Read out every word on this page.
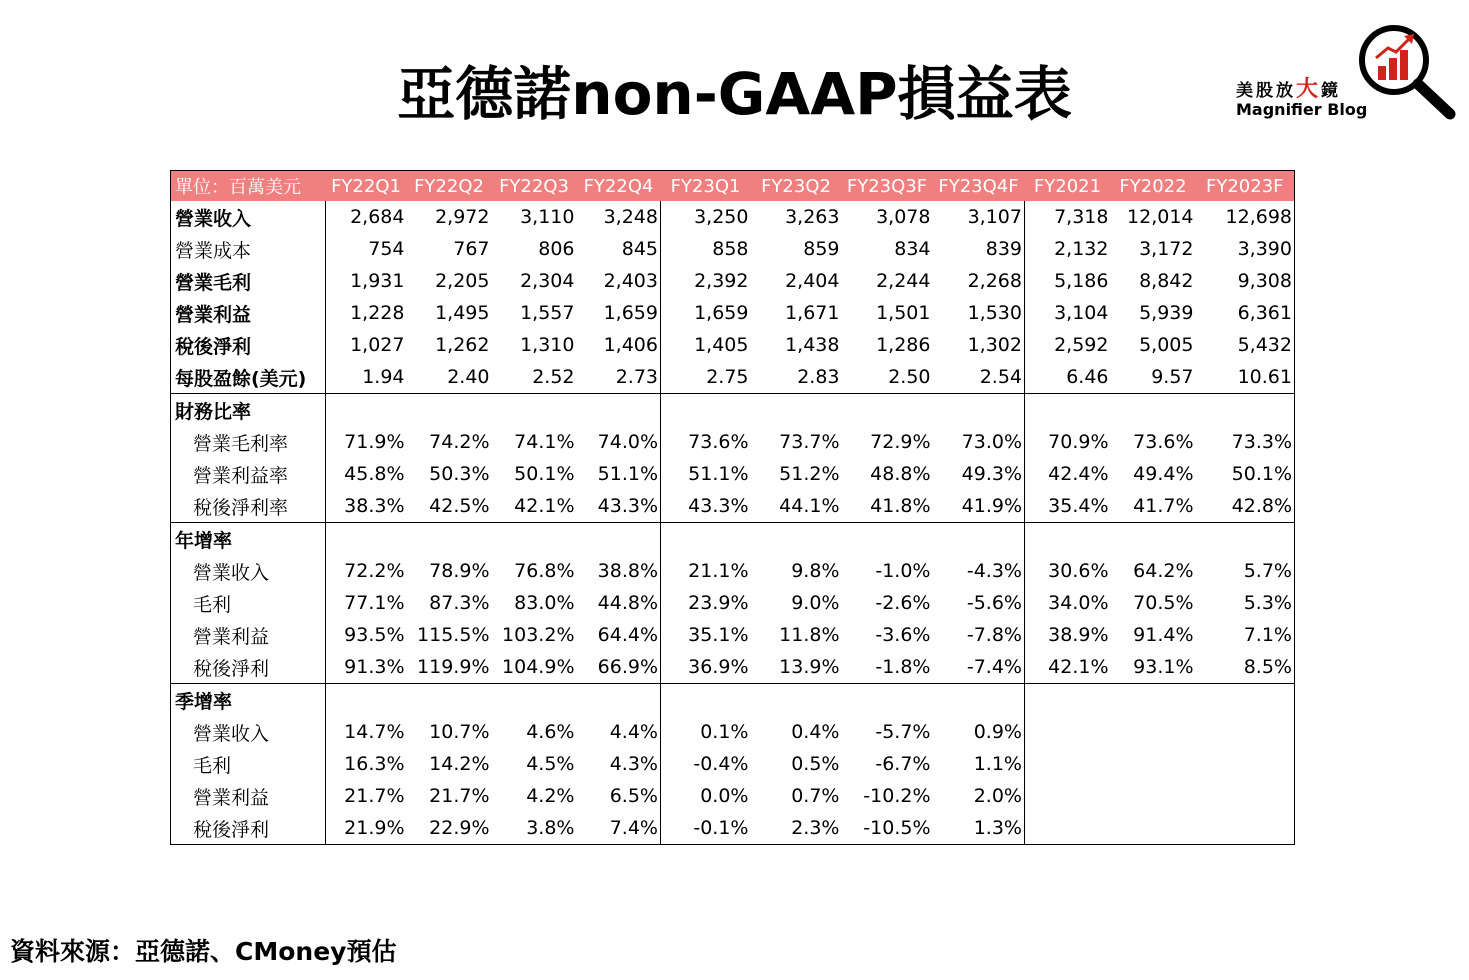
亞德諾non-GAAP損益表	美股放大鏡
Magnifier Blog
單位：百萬美元	FY22Q1	FY22Q2	FY22Q3	FY22Q4	FY23Q1	FY23Q2	FY23Q3F	FY23Q4F	FY2021	FY2022	FY2023F
營業收入	2,684	2,972	3,110	3,248	3,250	3,263	3,078	3,107	7,318	12,014	12,698
營業成本	754	767	806	845	858	859	834	839	2,132	3,172	3,390
營業毛利	1,931	2,205	2,304	2,403	2,392	2,404	2,244	2,268	5,186	8,842	9,308
營業利益	1,228	1,495	1,557	1,659	1,659	1,671	1,501	1,530	3,104	5,939	6,361
稅後淨利	1,027	1,262	1,310	1,406	1,405	1,438	1,286	1,302	2,592	5,005	5,432
每股盈餘(美元)	1.94	2.40	2.52	2.73	2.75	2.83	2.50	2.54	6.46	9.57	10.61
財務比率											
營業毛利率	71.9%	74.2%	74.1%	74.0%	73.6%	73.7%	72.9%	73.0%	70.9%	73.6%	73.3%
營業利益率	45.8%	50.3%	50.1%	51.1%	51.1%	51.2%	48.8%	49.3%	42.4%	49.4%	50.1%
稅後淨利率	38.3%	42.5%	42.1%	43.3%	43.3%	44.1%	41.8%	41.9%	35.4%	41.7%	42.8%
年增率											
營業收入	72.2%	78.9%	76.8%	38.8%	21.1%	9.8%	-1.0%	-4.3%	30.6%	64.2%	5.7%
毛利	77.1%	87.3%	83.0%	44.8%	23.9%	9.0%	-2.6%	-5.6%	34.0%	70.5%	5.3%
營業利益	93.5%	115.5%	103.2%	64.4%	35.1%	11.8%	-3.6%	-7.8%	38.9%	91.4%	7.1%
稅後淨利	91.3%	119.9%	104.9%	66.9%	36.9%	13.9%	-1.8%	-7.4%	42.1%	93.1%	8.5%
季增率											
營業收入	14.7%	10.7%	4.6%	4.4%	0.1%	0.4%	-5.7%	0.9%			
毛利	16.3%	14.2%	4.5%	4.3%	-0.4%	0.5%	-6.7%	1.1%			
營業利益	21.7%	21.7%	4.2%	6.5%	0.0%	0.7%	-10.2%	2.0%			
稅後淨利	21.9%	22.9%	3.8%	7.4%	-0.1%	2.3%	-10.5%	1.3%			
資料來源：亞德諾、CMoney預估
